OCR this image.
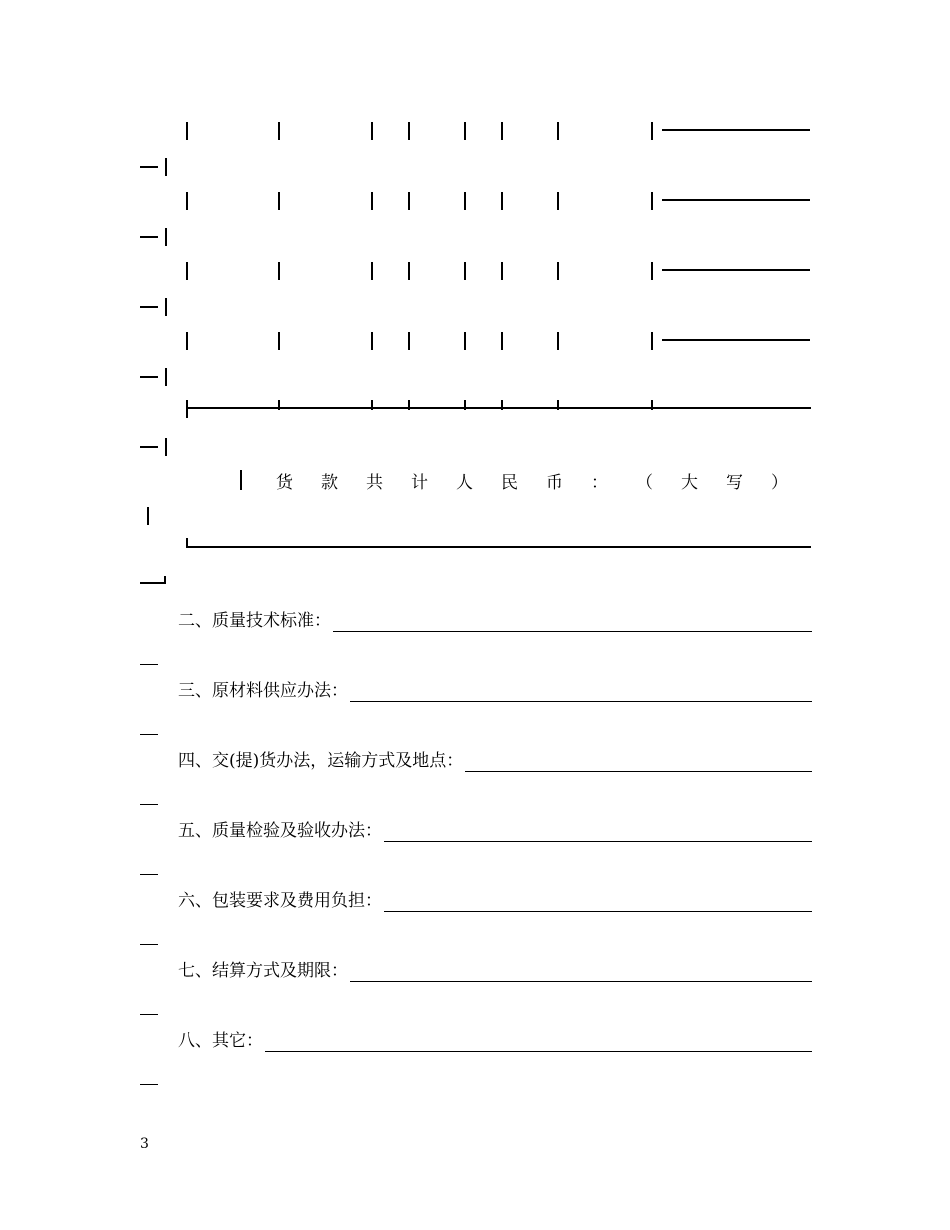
货	款	共	计	人	民	币	：	（	大	写	）
二、质量技术标准：
三、原材料供应办法：
四、交(提)货办法，运输方式及地点：
五、质量检验及验收办法：
六、包装要求及费用负担：
七、结算方式及期限：
八、其它：
3
